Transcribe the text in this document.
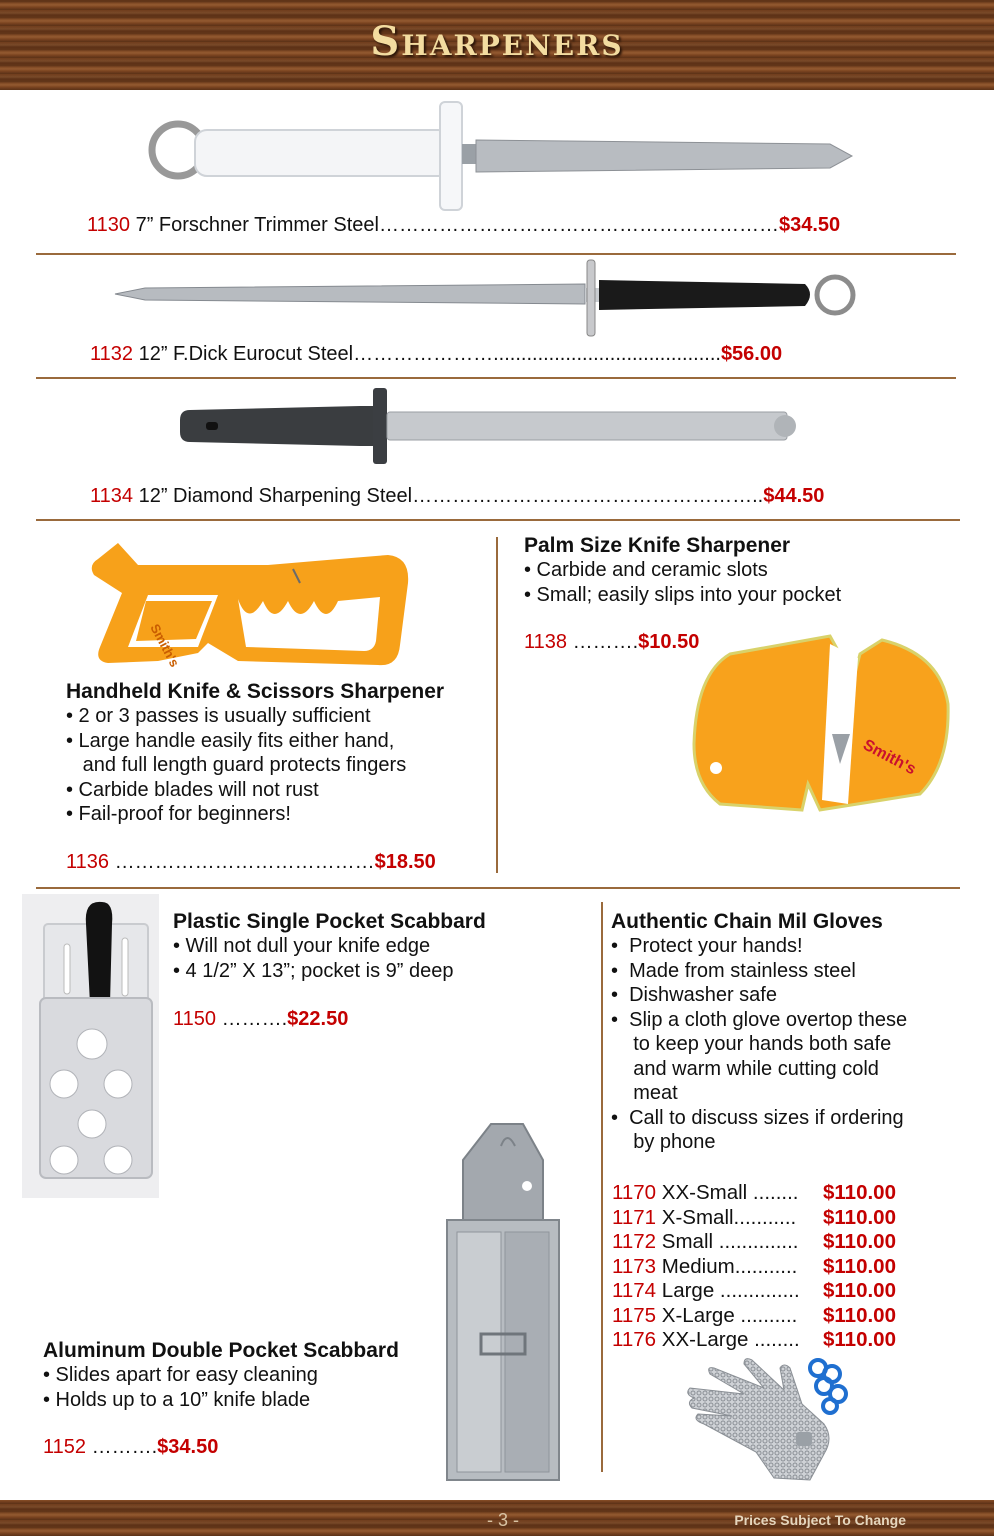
Sharpeners
1130 7” Forschner Trimmer Steel……………………………………………………$34.50
1132 12” F.Dick Eurocut Steel………………….........................................$56.00
1134 12” Diamond Sharpening Steel……………………………………………..$44.50
Smith's
Handheld Knife & Scissors Sharpener
• 2 or 3 passes is usually sufficient
• Large handle easily fits either hand,
and full length guard protects fingers
• Carbide blades will not rust
• Fail-proof for beginners!
1136 …………………………………$18.50
Palm Size Knife Sharpener
• Carbide and ceramic slots
• Small; easily slips into your pocket
1138 ……….$10.50
Smith's
Plastic Single Pocket Scabbard
• Will not dull your knife edge
• 4 1/2” X 13”; pocket is 9” deep
1150 ……….$22.50
Aluminum Double Pocket Scabbard
• Slides apart for easy cleaning
• Holds up to a 10” knife blade
1152 ……….$34.50
Authentic Chain Mil Gloves
•  Protect your hands!
•  Made from stainless steel
•  Dishwasher safe
•  Slip a cloth glove overtop these
to keep your hands both safe
and warm while cutting cold
meat
•  Call to discuss sizes if ordering
by phone
1170
XX-Small ........ $110.00
1171
X-Small........... $110.00
1172
Small .............. $110.00
1173
Medium........... $110.00
1174
Large .............. $110.00
1175
X-Large .......... $110.00
1176
XX-Large ........ $110.00
- 3 -	Prices Subject To Change
